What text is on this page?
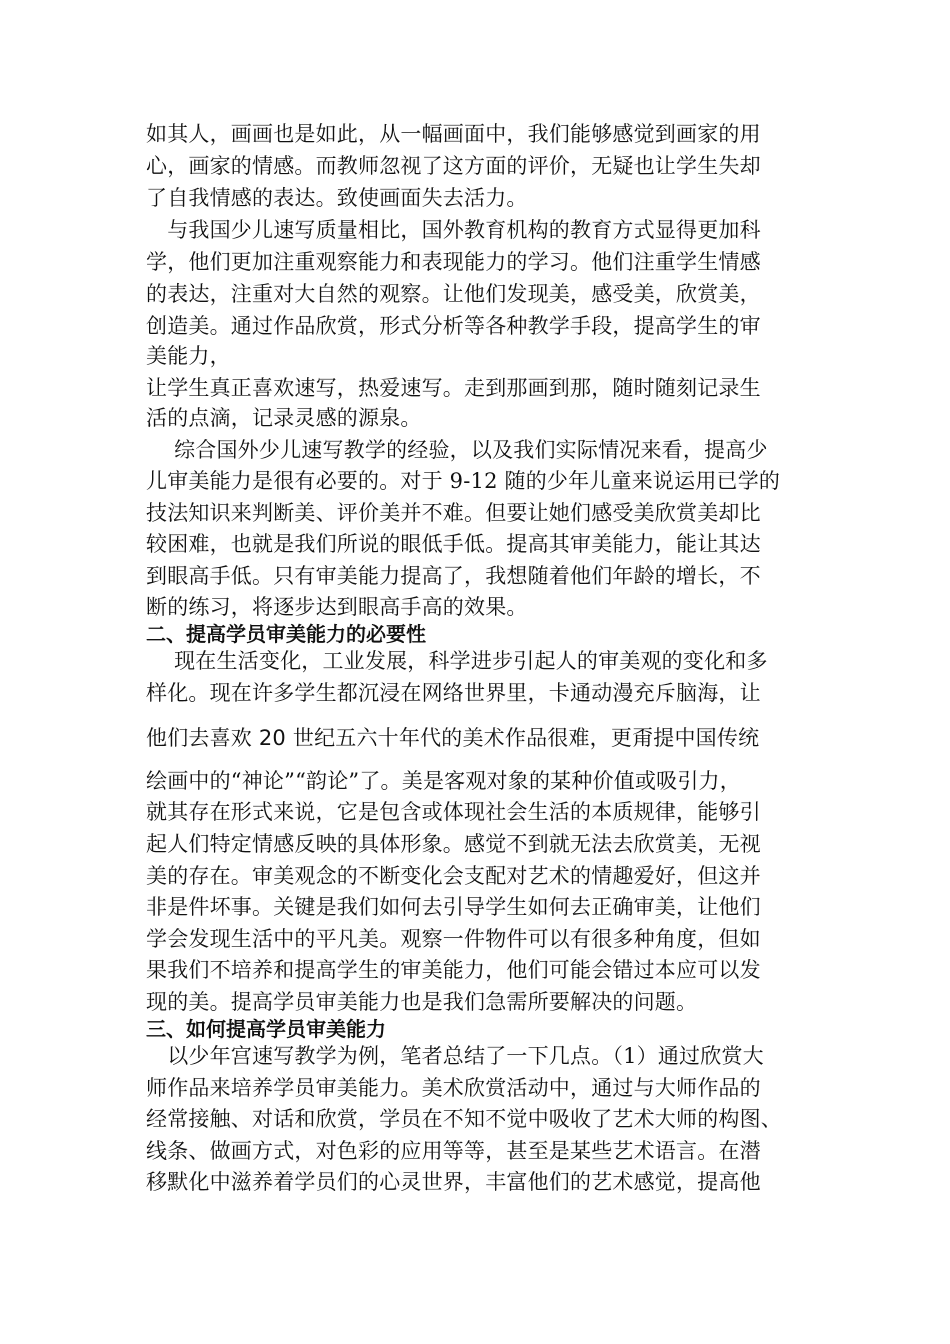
如其人，画画也是如此，从一幅画面中，我们能够感觉到画家的用
心，画家的情感。而教师忽视了这方面的评价，无疑也让学生失却
了自我情感的表达。致使画面失去活力。
　与我国少儿速写质量相比，国外教育机构的教育方式显得更加科
学，他们更加注重观察能力和表现能力的学习。他们注重学生情感
的表达，注重对大自然的观察。让他们发现美，感受美，欣赏美，
创造美。通过作品欣赏，形式分析等各种教学手段，提高学生的审
美能力，
让学生真正喜欢速写，热爱速写。走到那画到那，随时随刻记录生
活的点滴，记录灵感的源泉。
　 综合国外少儿速写教学的经验，以及我们实际情况来看，提高少
儿审美能力是很有必要的。对于 9-12 随的少年儿童来说运用已学的
技法知识来判断美、评价美并不难。但要让她们感受美欣赏美却比
较困难，也就是我们所说的眼低手低。提高其审美能力，能让其达
到眼高手低。只有审美能力提高了，我想随着他们年龄的增长，不
断的练习，将逐步达到眼高手高的效果。
二、提高学员审美能力的必要性
　 现在生活变化，工业发展，科学进步引起人的审美观的变化和多
样化。现在许多学生都沉浸在网络世界里，卡通动漫充斥脑海，让
他们去喜欢 20 世纪五六十年代的美术作品很难，更甭提中国传统
绘画中的“神论”“韵论”了。美是客观对象的某种价值或吸引力，
就其存在形式来说，它是包含或体现社会生活的本质规律，能够引
起人们特定情感反映的具体形象。感觉不到就无法去欣赏美，无视
美的存在。审美观念的不断变化会支配对艺术的情趣爱好，但这并
非是件坏事。关键是我们如何去引导学生如何去正确审美，让他们
学会发现生活中的平凡美。观察一件物件可以有很多种角度，但如
果我们不培养和提高学生的审美能力，他们可能会错过本应可以发
现的美。提高学员审美能力也是我们急需所要解决的问题。
三、如何提高学员审美能力
　以少年宫速写教学为例，笔者总结了一下几点。（1）通过欣赏大
师作品来培养学员审美能力。美术欣赏活动中，通过与大师作品的
经常接触、对话和欣赏，学员在不知不觉中吸收了艺术大师的构图、
线条、做画方式，对色彩的应用等等，甚至是某些艺术语言。在潜
移默化中滋养着学员们的心灵世界，丰富他们的艺术感觉，提高他
